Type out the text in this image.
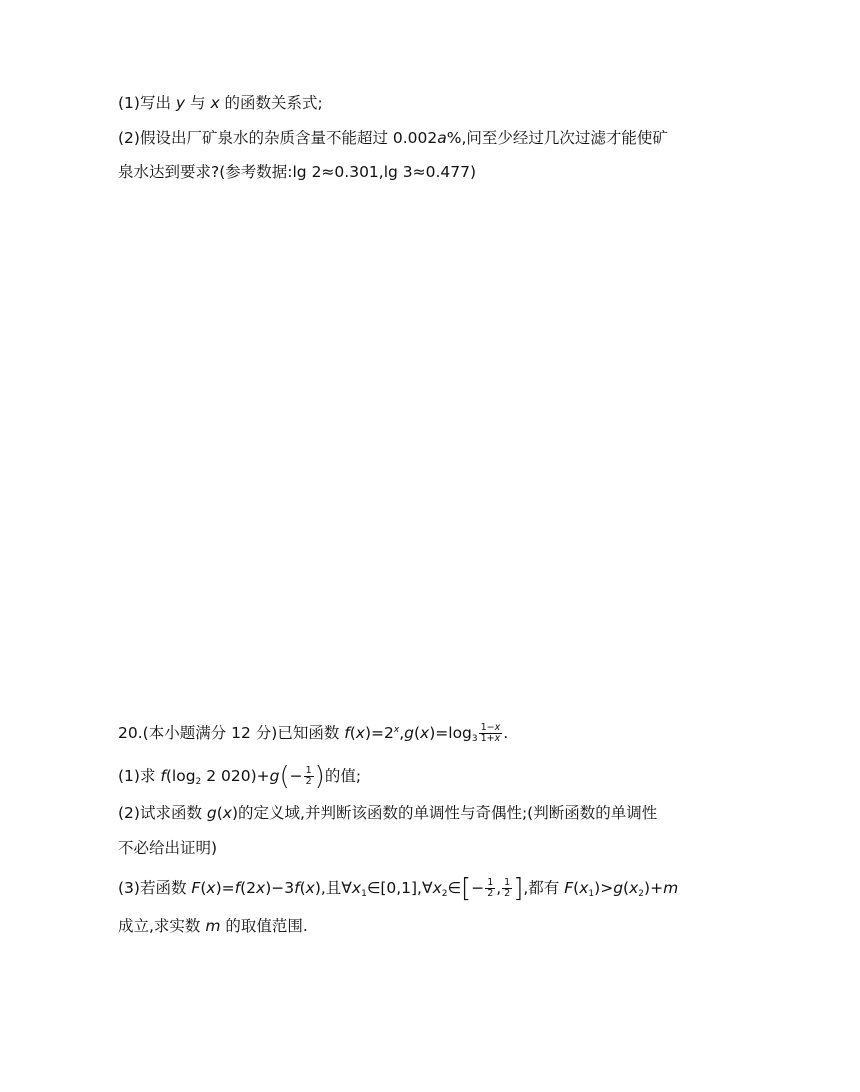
(1)写出 y 与 x 的函数关系式;
(2)假设出厂矿泉水的杂质含量不能超过 0.002a%,问至少经过几次过滤才能使矿
泉水达到要求?(参考数据:lg 2≈0.301,lg 3≈0.477)
20.(本小题满分 12 分)已知函数 $f(x)=2^x,g(x)=\log_3 \frac{1-x}{1+x}$ .
(1)求 $f(\log_2$ 2 $020)+g(- \frac{1}{2}$ )的值;
(2)试求函数 g(x)的定义域,并判断该函数的单调性与奇偶性;(判断函数的单调性
不必给出证明)
(3)若函数 F(x)=f(2x)−3f(x),且$\forall x_1\in[0,1],\forall x_2\in[- \frac{1}{2}$ , $\frac{1}{2}$ ],都有 $F(x_1)>g(x_2)+m$
成立,求实数 m 的取值范围.
